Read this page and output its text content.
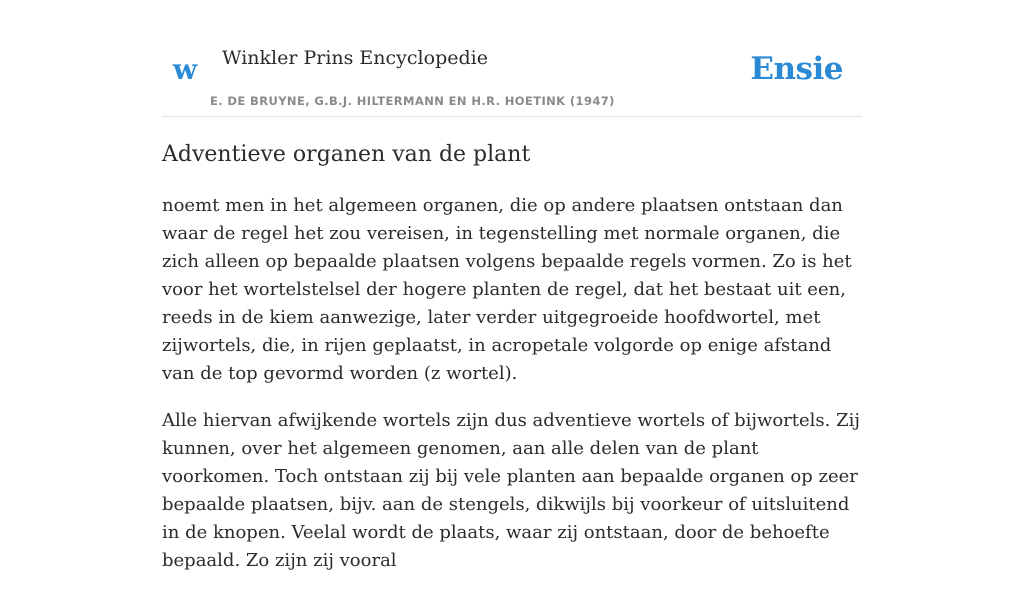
w Winkler Prins Encyclopedie
E. DE BRUYNE, G.B.J. HILTERMANN EN H.R. HOETINK (1947)
Ensie
Adventieve organen van de plant

noemt men in het algemeen organen, die op andere plaatsen ontstaan dan waar de regel het zou vereisen, in tegenstelling met normale organen, die zich alleen op bepaalde plaatsen volgens bepaalde regels vormen. Zo is het voor het wortelstelsel der hogere planten de regel, dat het bestaat uit een, reeds in de kiem aanwezige, later verder uitgegroeide hoofdwortel, met zijwortels, die, in rijen geplaatst, in acropetale volgorde op enige afstand van de top gevormd worden (z wortel).

Alle hiervan afwijkende wortels zijn dus adventieve wortels of bijwortels. Zij kunnen, over het algemeen genomen, aan alle delen van de plant voorkomen. Toch ontstaan zij bij vele planten aan bepaalde organen op zeer bepaalde plaatsen, bijv. aan de stengels, dikwijls bij voorkeur of uitsluitend in de knopen. Veelal wordt de plaats, waar zij ontstaan, door de behoefte bepaald. Zo zijn zij vooral
